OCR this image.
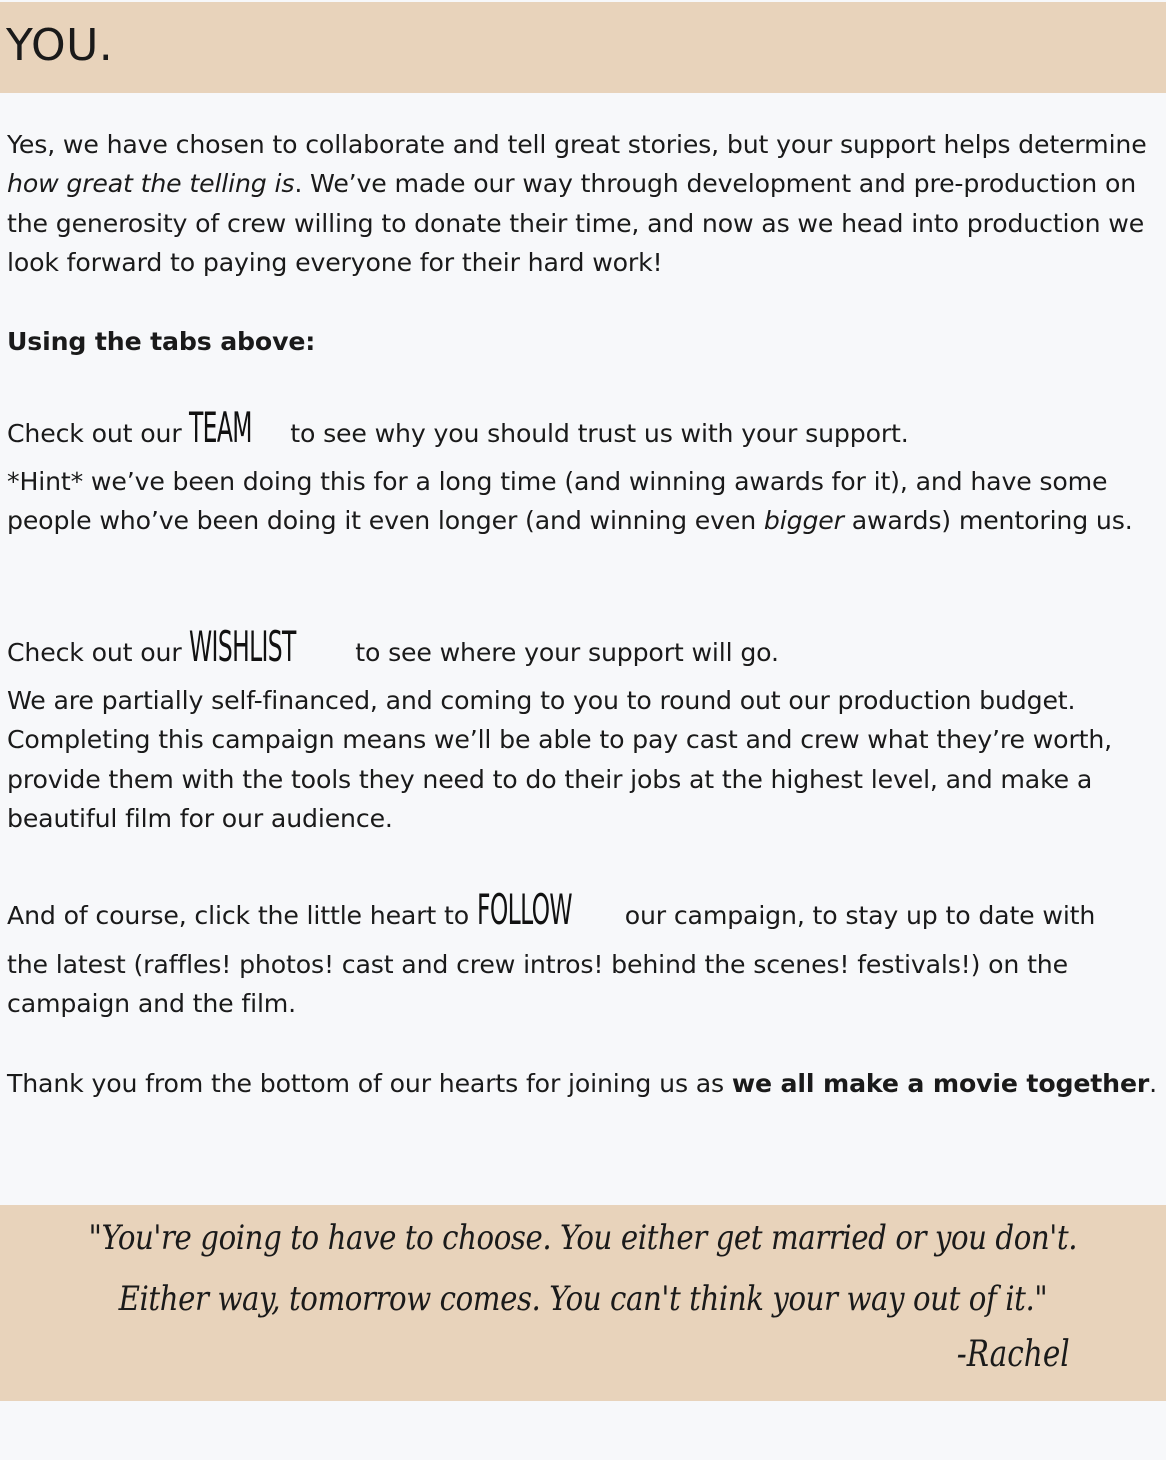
YOU.

Yes, we have chosen to collaborate and tell great stories, but your support helps determine how great the telling is. We’ve made our way through development and pre-production on the generosity of crew willing to donate their time, and now as we head into production we look forward to paying everyone for their hard work!

Using the tabs above:

Check out our TEAM to see why you should trust us with your support.

*Hint* we’ve been doing this for a long time (and winning awards for it), and have some people who’ve been doing it even longer (and winning even bigger awards) mentoring us.

Check out our WISHLIST to see where your support will go.

We are partially self-financed, and coming to you to round out our production budget. Completing this campaign means we’ll be able to pay cast and crew what they’re worth, provide them with the tools they need to do their jobs at the highest level, and make a beautiful film for our audience.

And of course, click the little heart to FOLLOW our campaign, to stay up to date with

the latest (raffles! photos! cast and crew intros! behind the scenes! festivals!) on the campaign and the film.

Thank you from the bottom of our hearts for joining us as we all make a movie together.

"You're going to have to choose. You either get married or you don't.

Either way, tomorrow comes. You can't think your way out of it."

-Rachel
